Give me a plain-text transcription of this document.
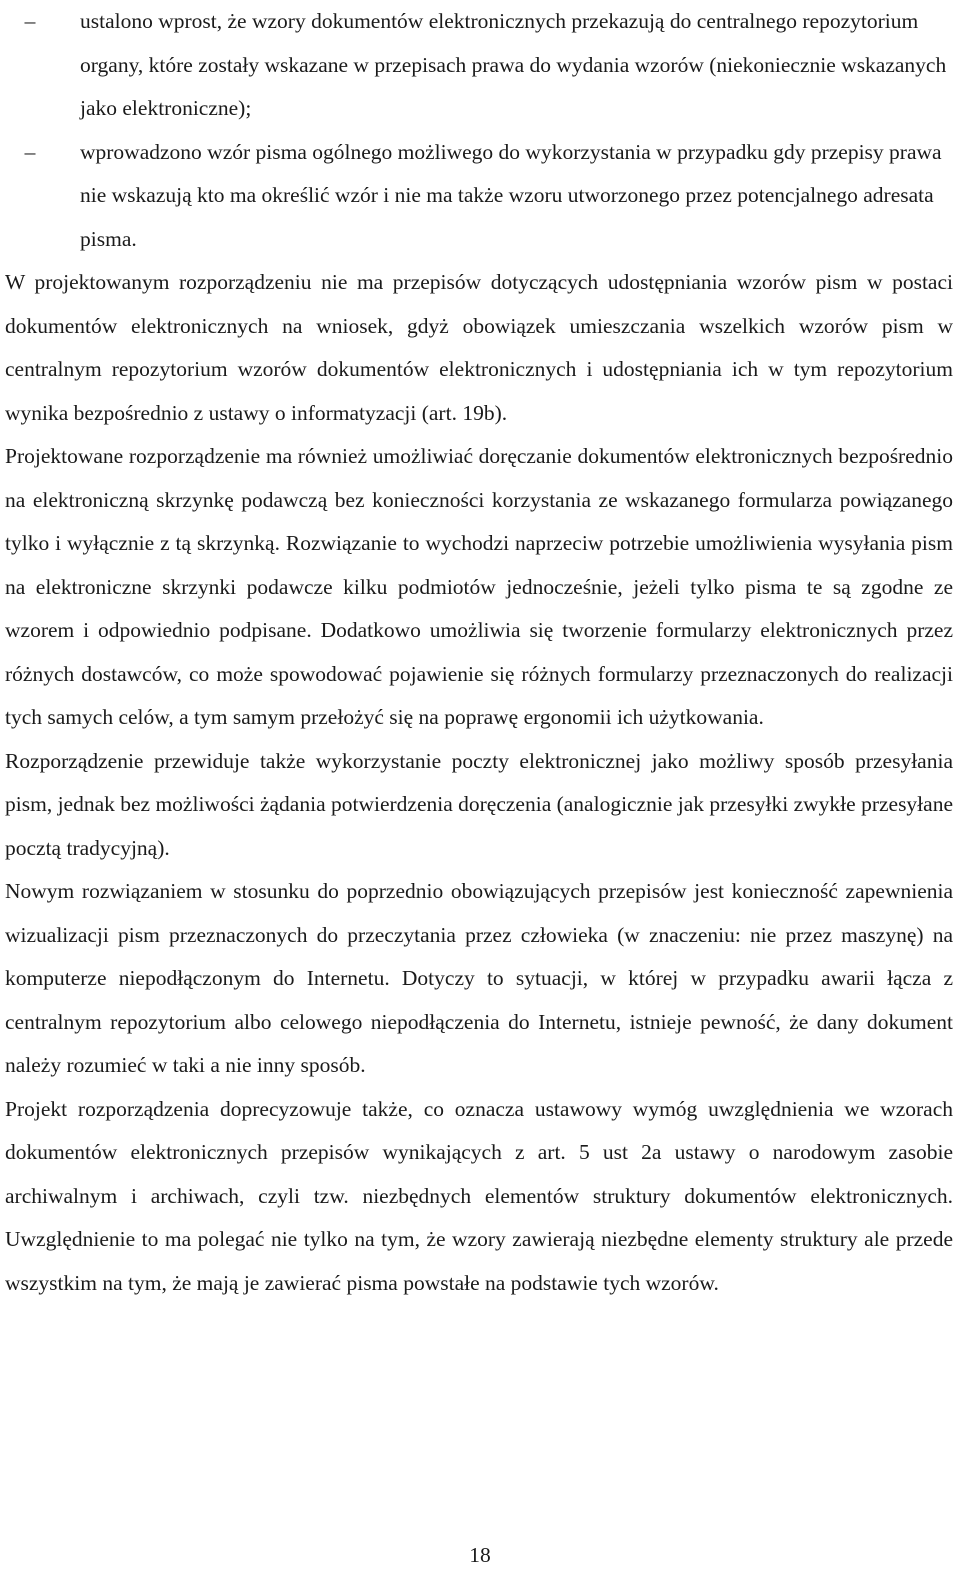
–	ustalono wprost, że wzory dokumentów elektronicznych przekazują do centralnego repozytorium organy, które zostały wskazane w przepisach prawa do wydania wzorów (niekoniecznie wskazanych jako elektroniczne);
–	wprowadzono wzór pisma ogólnego możliwego do wykorzystania w przypadku gdy przepisy prawa nie wskazują kto ma określić wzór i nie ma także wzoru utworzonego przez potencjalnego adresata pisma.

W projektowanym rozporządzeniu nie ma przepisów dotyczących udostępniania wzorów pism w postaci dokumentów elektronicznych na wniosek, gdyż obowiązek umieszczania wszelkich wzorów pism w centralnym repozytorium wzorów dokumentów elektronicznych i udostępniania ich w tym repozytorium wynika bezpośrednio z ustawy o informatyzacji (art. 19b).

Projektowane rozporządzenie ma również umożliwiać doręczanie dokumentów elektronicznych bezpośrednio na elektroniczną skrzynkę podawczą bez konieczności korzystania ze wskazanego formularza powiązanego tylko i wyłącznie z tą skrzynką. Rozwiązanie to wychodzi naprzeciw potrzebie umożliwienia wysyłania pism na elektroniczne skrzynki podawcze kilku podmiotów jednocześnie, jeżeli tylko pisma te są zgodne ze wzorem i odpowiednio podpisane. Dodatkowo umożliwia się tworzenie formularzy elektronicznych przez różnych dostawców, co może spowodować pojawienie się różnych formularzy przeznaczonych do realizacji tych samych celów, a tym samym przełożyć się na poprawę ergonomii ich użytkowania.

Rozporządzenie przewiduje także wykorzystanie poczty elektronicznej jako możliwy sposób przesyłania pism, jednak bez możliwości żądania potwierdzenia doręczenia (analogicznie jak przesyłki zwykłe przesyłane pocztą tradycyjną).

Nowym rozwiązaniem w stosunku do poprzednio obowiązujących przepisów jest konieczność zapewnienia wizualizacji pism przeznaczonych do przeczytania przez człowieka (w znaczeniu: nie przez maszynę) na komputerze niepodłączonym do Internetu. Dotyczy to sytuacji, w której w przypadku awarii łącza z centralnym repozytorium albo celowego niepodłączenia do Internetu, istnieje pewność, że dany dokument należy rozumieć w taki a nie inny sposób.

Projekt rozporządzenia doprecyzowuje także, co oznacza ustawowy wymóg uwzględnienia we wzorach dokumentów elektronicznych przepisów wynikających z art. 5 ust 2a ustawy o narodowym zasobie archiwalnym i archiwach, czyli tzw. niezbędnych elementów struktury dokumentów elektronicznych. Uwzględnienie to ma polegać nie tylko na tym, że wzory zawierają niezbędne elementy struktury ale przede wszystkim na tym, że mają je zawierać pisma powstałe na podstawie tych wzorów.

18
